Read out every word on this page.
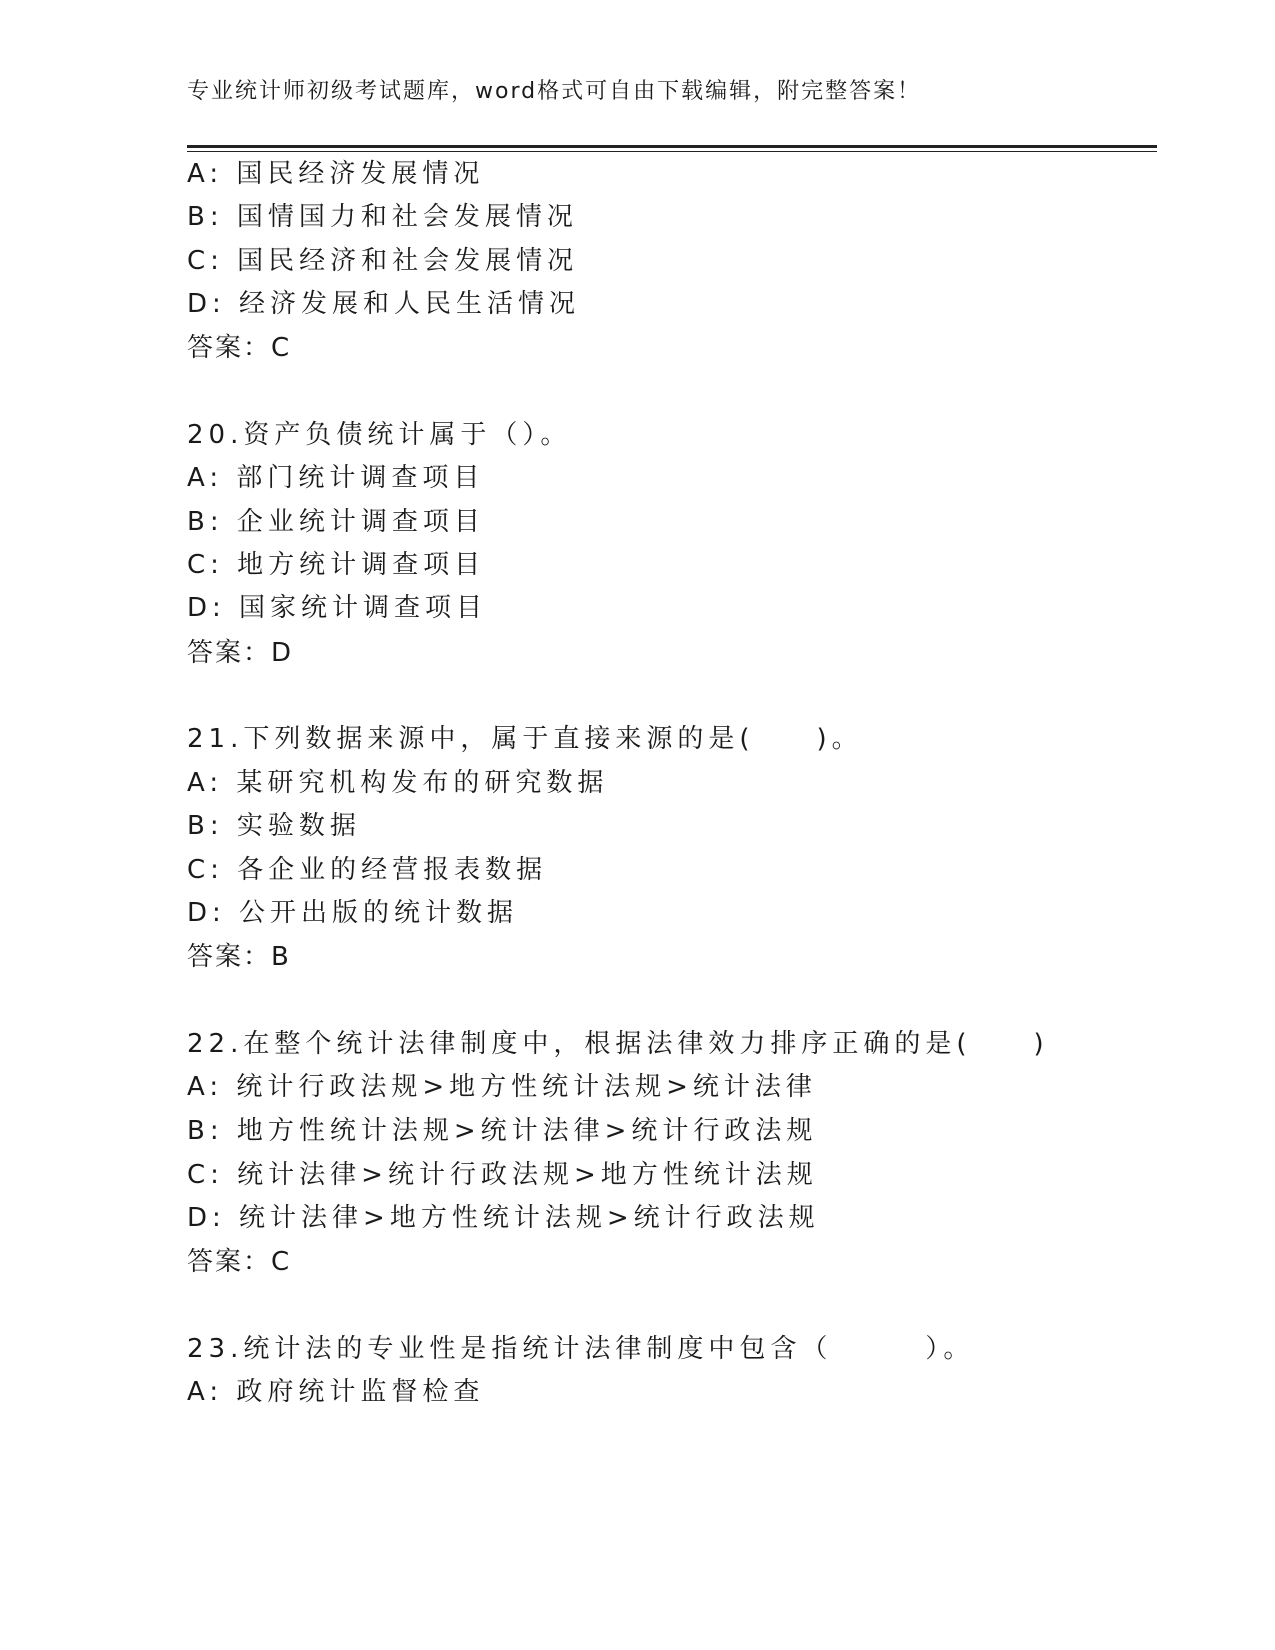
专业统计师初级考试题库，word格式可自由下载编辑，附完整答案！
A: 国民经济发展情况
B: 国情国力和社会发展情况
C: 国民经济和社会发展情况
D: 经济发展和人民生活情况
答案：C
20.资产负债统计属于（）。
A: 部门统计调查项目
B: 企业统计调查项目
C: 地方统计调查项目
D: 国家统计调查项目
答案：D
21.下列数据来源中，属于直接来源的是(　　)。
A: 某研究机构发布的研究数据
B: 实验数据
C: 各企业的经营报表数据
D: 公开出版的统计数据
答案：B
22.在整个统计法律制度中，根据法律效力排序正确的是(　　)
A: 统计行政法规>地方性统计法规>统计法律
B: 地方性统计法规>统计法律>统计行政法规
C: 统计法律>统计行政法规>地方性统计法规
D: 统计法律>地方性统计法规>统计行政法规
答案：C
23.统计法的专业性是指统计法律制度中包含（　　　）。
A: 政府统计监督检查
